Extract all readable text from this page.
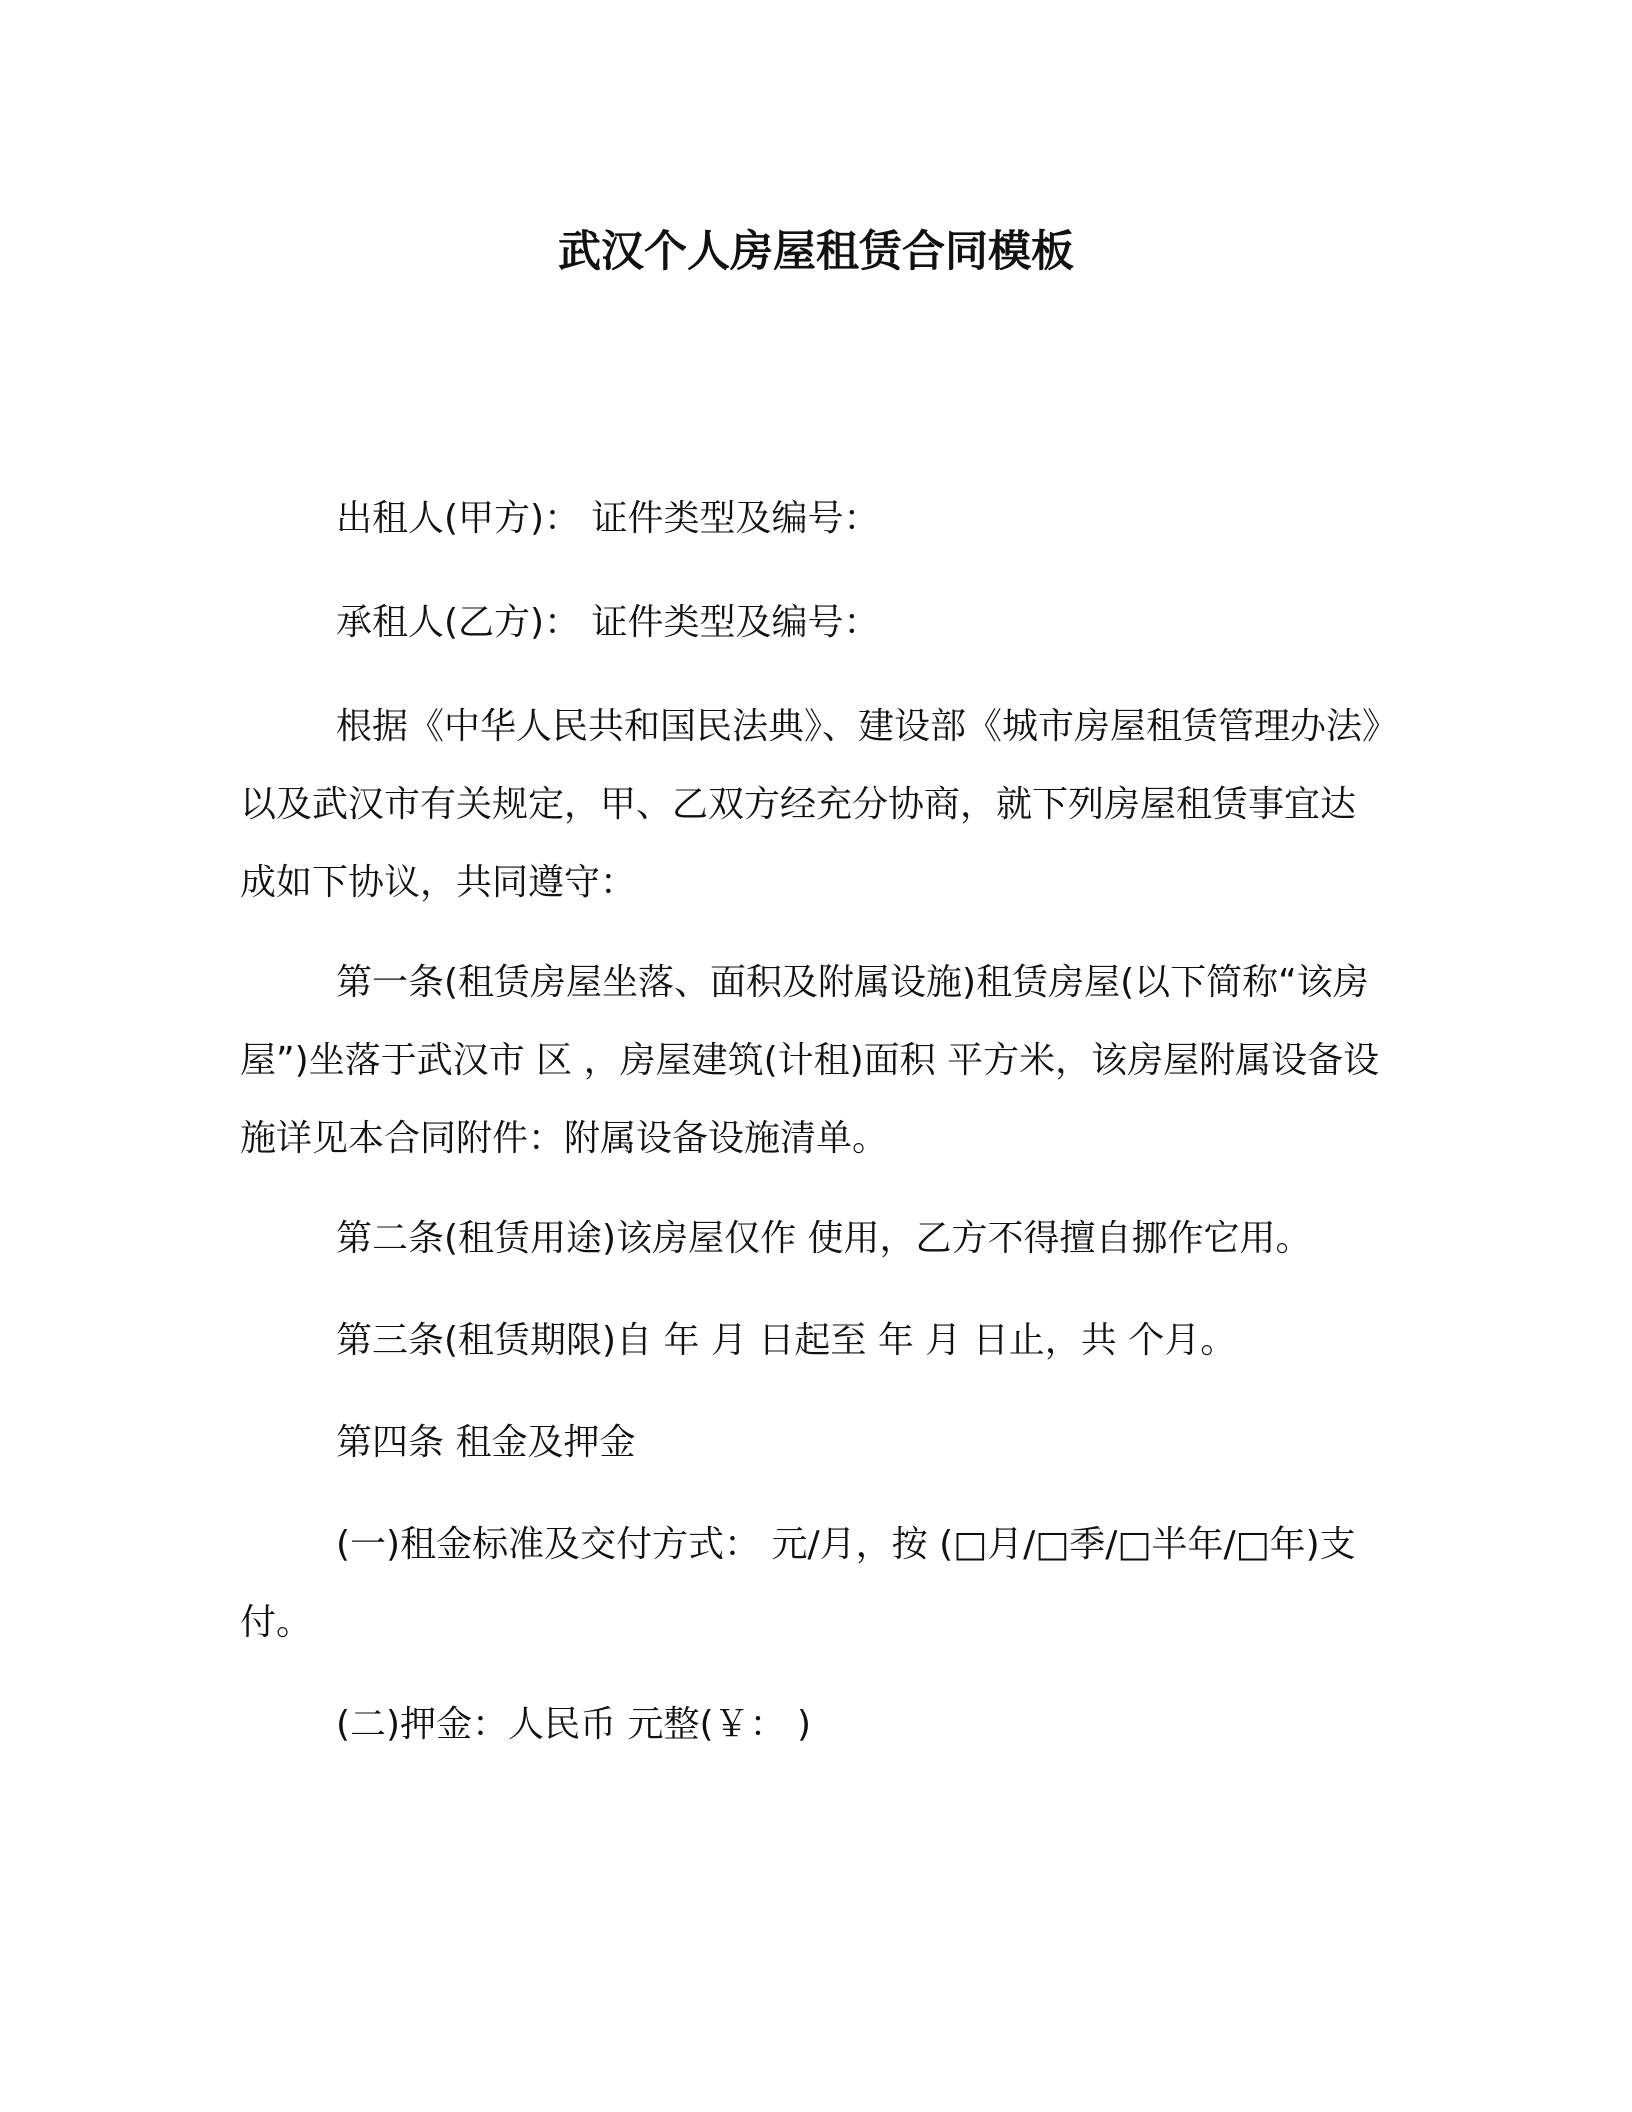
武汉个人房屋租赁合同模板

出租人(甲方)： 证件类型及编号：

承租人(乙方)： 证件类型及编号：

根据《中华人民共和国民法典》、建设部《城市房屋租赁管理办法》以及武汉市有关规定，甲、乙双方经充分协商，就下列房屋租赁事宜达成如下协议，共同遵守：

第一条(租赁房屋坐落、面积及附属设施)租赁房屋(以下简称“该房屋”)坐落于武汉市 区 ，房屋建筑(计租)面积 平方米，该房屋附属设备设施详见本合同附件：附属设备设施清单。

第二条(租赁用途)该房屋仅作 使用，乙方不得擅自挪作它用。

第三条(租赁期限)自 年 月 日起至 年 月 日止，共 个月。

第四条 租金及押金

(一)租金标准及交付方式： 元/月，按 (□月/□季/□半年/□年)支付。

(二)押金：人民币 元整(￥： )
